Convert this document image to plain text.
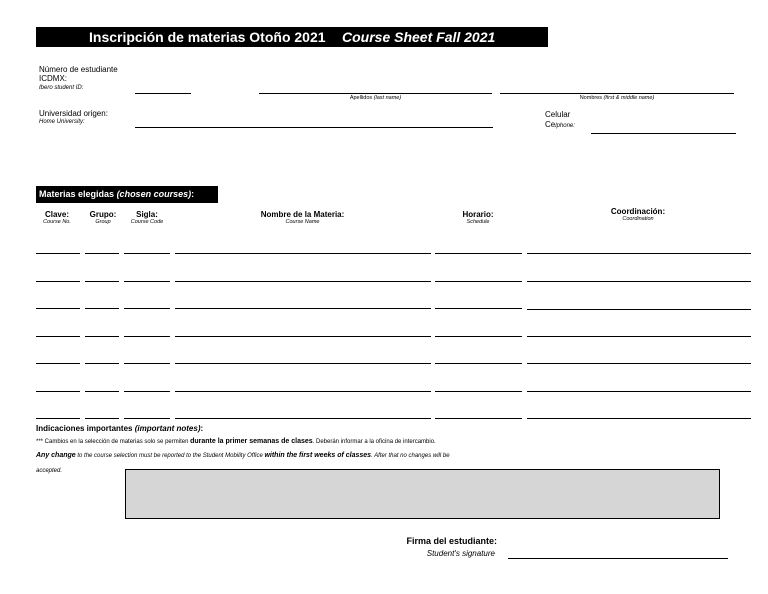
Inscripción de materias Otoño 2021 Course Sheet Fall 2021
Número de estudiante
ICDMX:
Ibero student ID:
Apellidos (last name)	Nombres (first & middle name)
Universidad origen:
Home University:
Celular
Celphone:
Materias elegidas (chosen courses):
Clave:
Course No.
Grupo:
Group
Sigla:
Course Code
Nombre de la Materia:
Course Name
Horario:
Schedule
Coordinación:
Coordination
Indicaciones importantes (important notes):
*** Cambios en la selección de materias solo se permiten durante la primer semanas de clases. Deberán informar a la oficina de intercambio.
Any change to the course selection must be reported to the Student Mobility Office within the first weeks of classes. After that no changes will be
accepted.
Firma del estudiante:
Student's signature
